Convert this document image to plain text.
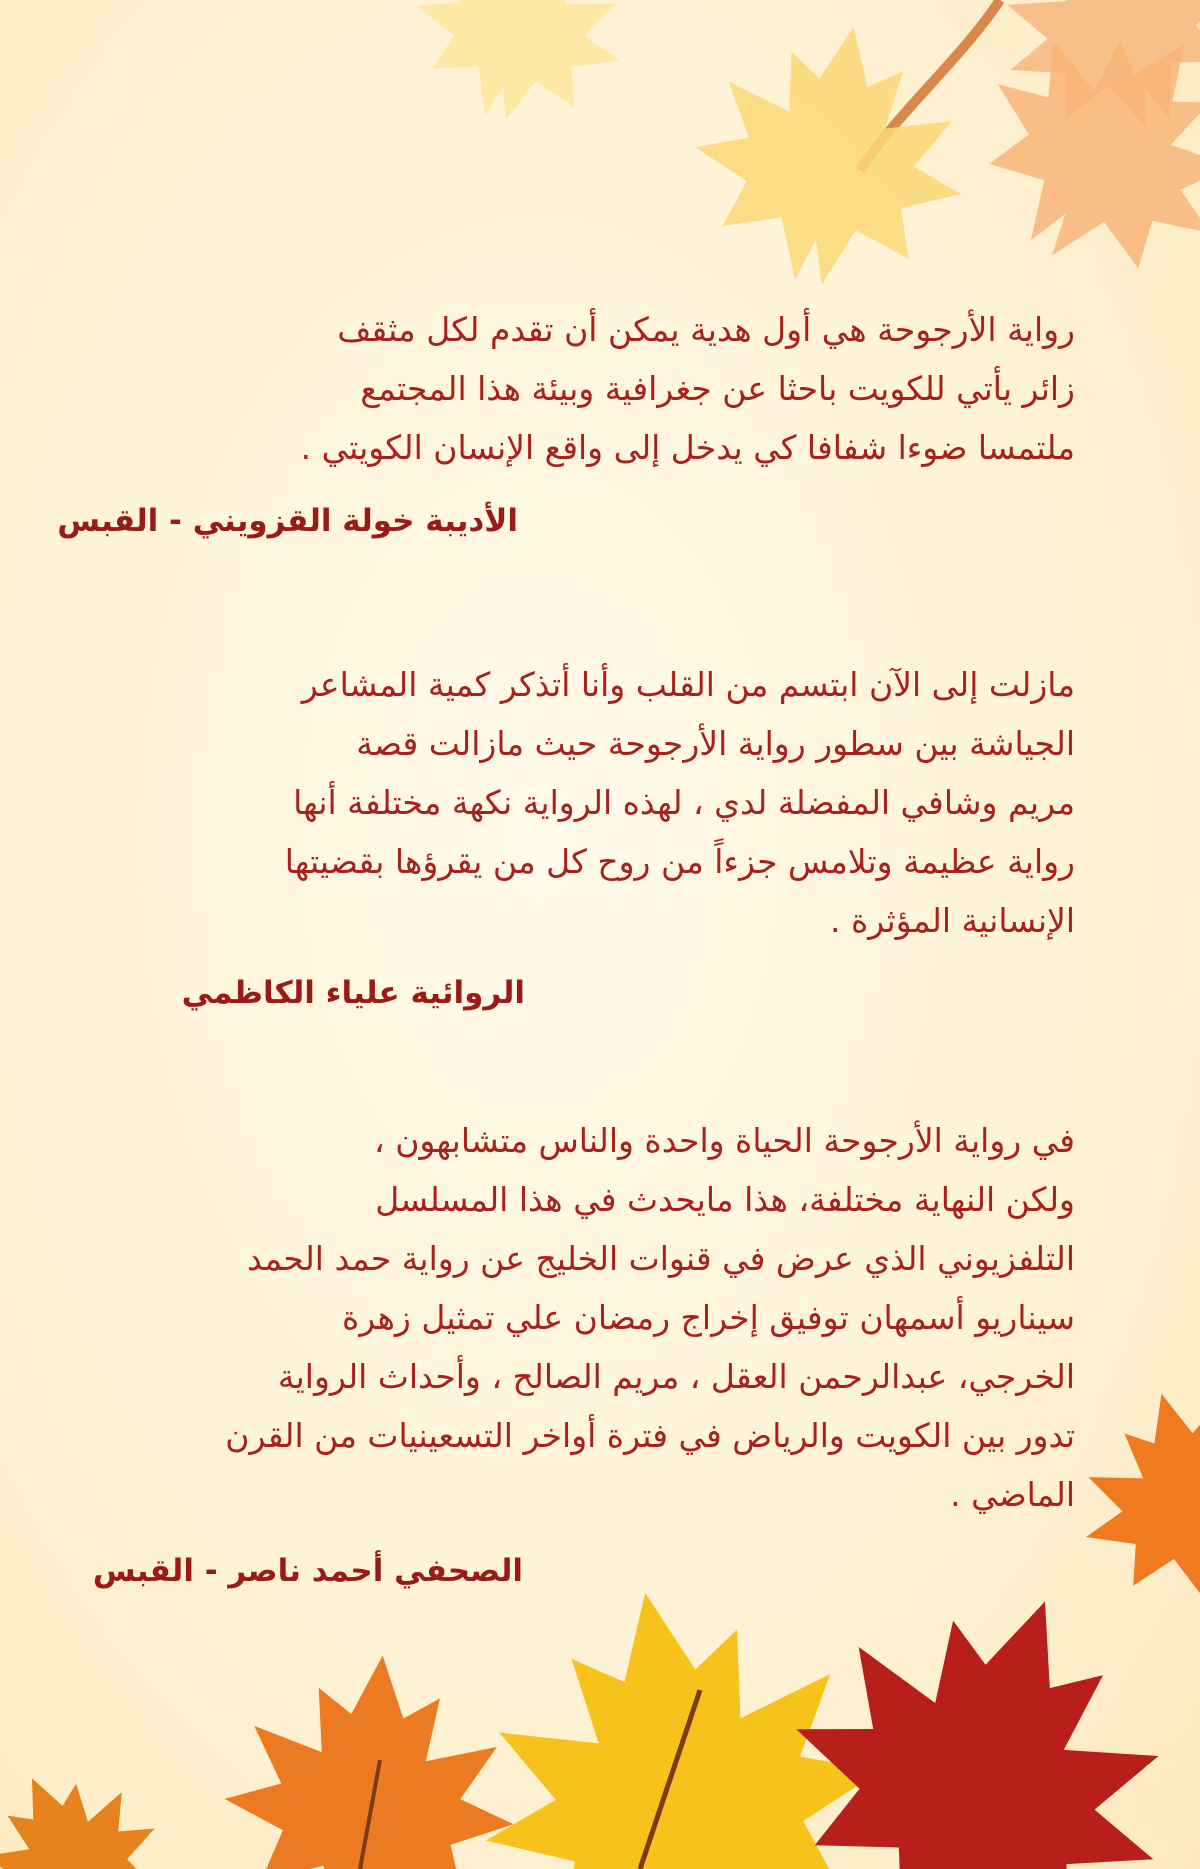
رواية الأرجوحة هي أول هدية يمكن أن تقدم لكل مثقف
زائر يأتي للكويت باحثا عن جغرافية وبيئة هذا المجتمع
ملتمسا ضوءا شفافا كي يدخل إلى واقع الإنسان الكويتي .
الأديبة خولة القزويني - القبس
مازلت إلى الآن ابتسم من القلب وأنا أتذكر كمية المشاعر
الجياشة بين سطور رواية الأرجوحة حيث مازالت قصة
مريم وشافي المفضلة لدي ، لهذه الرواية نكهة مختلفة أنها
رواية عظيمة وتلامس جزءاً من روح كل من يقرؤها بقضيتها
الإنسانية المؤثرة .
الروائية علياء الكاظمي
في رواية الأرجوحة الحياة واحدة والناس متشابهون ،
ولكن النهاية مختلفة، هذا مايحدث في هذا المسلسل
التلفزيوني الذي عرض في قنوات الخليج عن رواية حمد الحمد
سيناريو أسمهان توفيق إخراج رمضان علي تمثيل زهرة
الخرجي، عبدالرحمن العقل ، مريم الصالح ، وأحداث الرواية
تدور بين الكويت والرياض في فترة أواخر التسعينيات من القرن
الماضي .
الصحفي أحمد ناصر - القبس
